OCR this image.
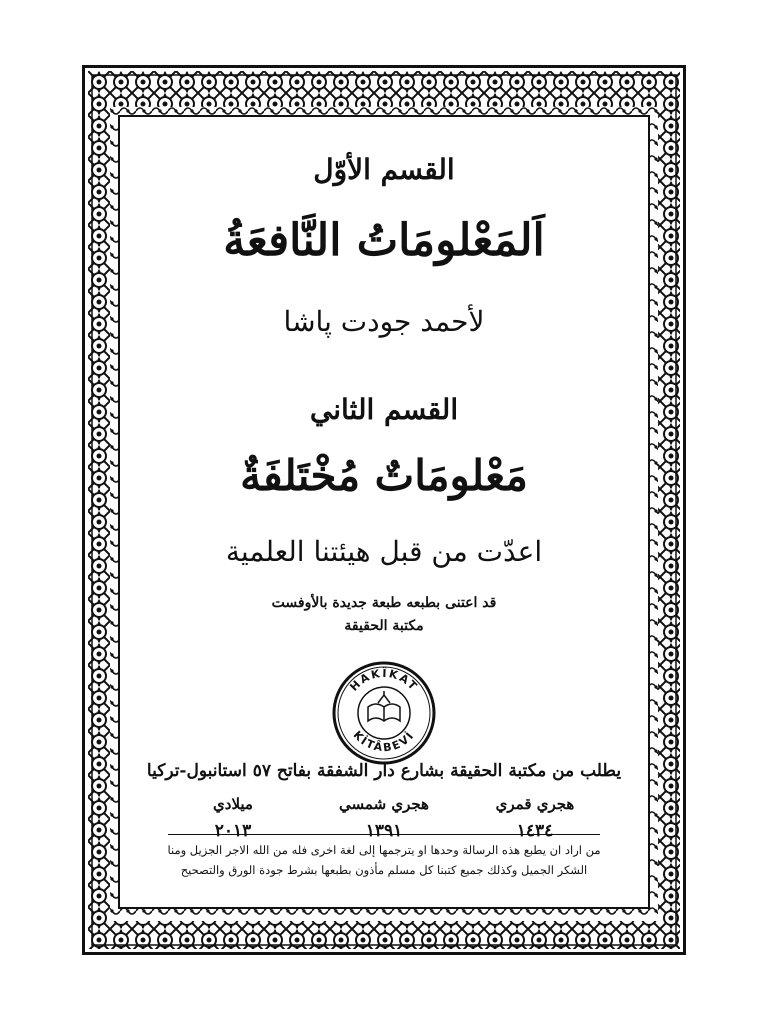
القسم الأوّل
اَلمَعْلومَاتُ النَّافعَةُ
لأحمد جودت پاشا
القسم الثاني
مَعْلومَاتٌ مُخْتَلفَةٌ
اعدّت من قبل هيئتنا العلمية
قد اعتنى بطبعه طبعة جديدة بالأوفست
مكتبة الحقيقة
HAKÎKAT
KİTÂBEVİ
يطلب من مكتبة الحقيقة بشارع دار الشفقة بفاتح ٥٧ استانبول-تركيا
هجري قمري
١٤٣٤
هجري شمسي
١٣٩١
ميلادي
٢٠١٣
من اراد ان يطبع هذه الرسالة وحدها او يترجمها إلى لغة اخرى فله من الله الاجر الجزيل ومنا
الشكر الجميل وكذلك جميع كتبنا كل مسلم مأذون بطبعها بشرط جودة الورق والتصحيح
